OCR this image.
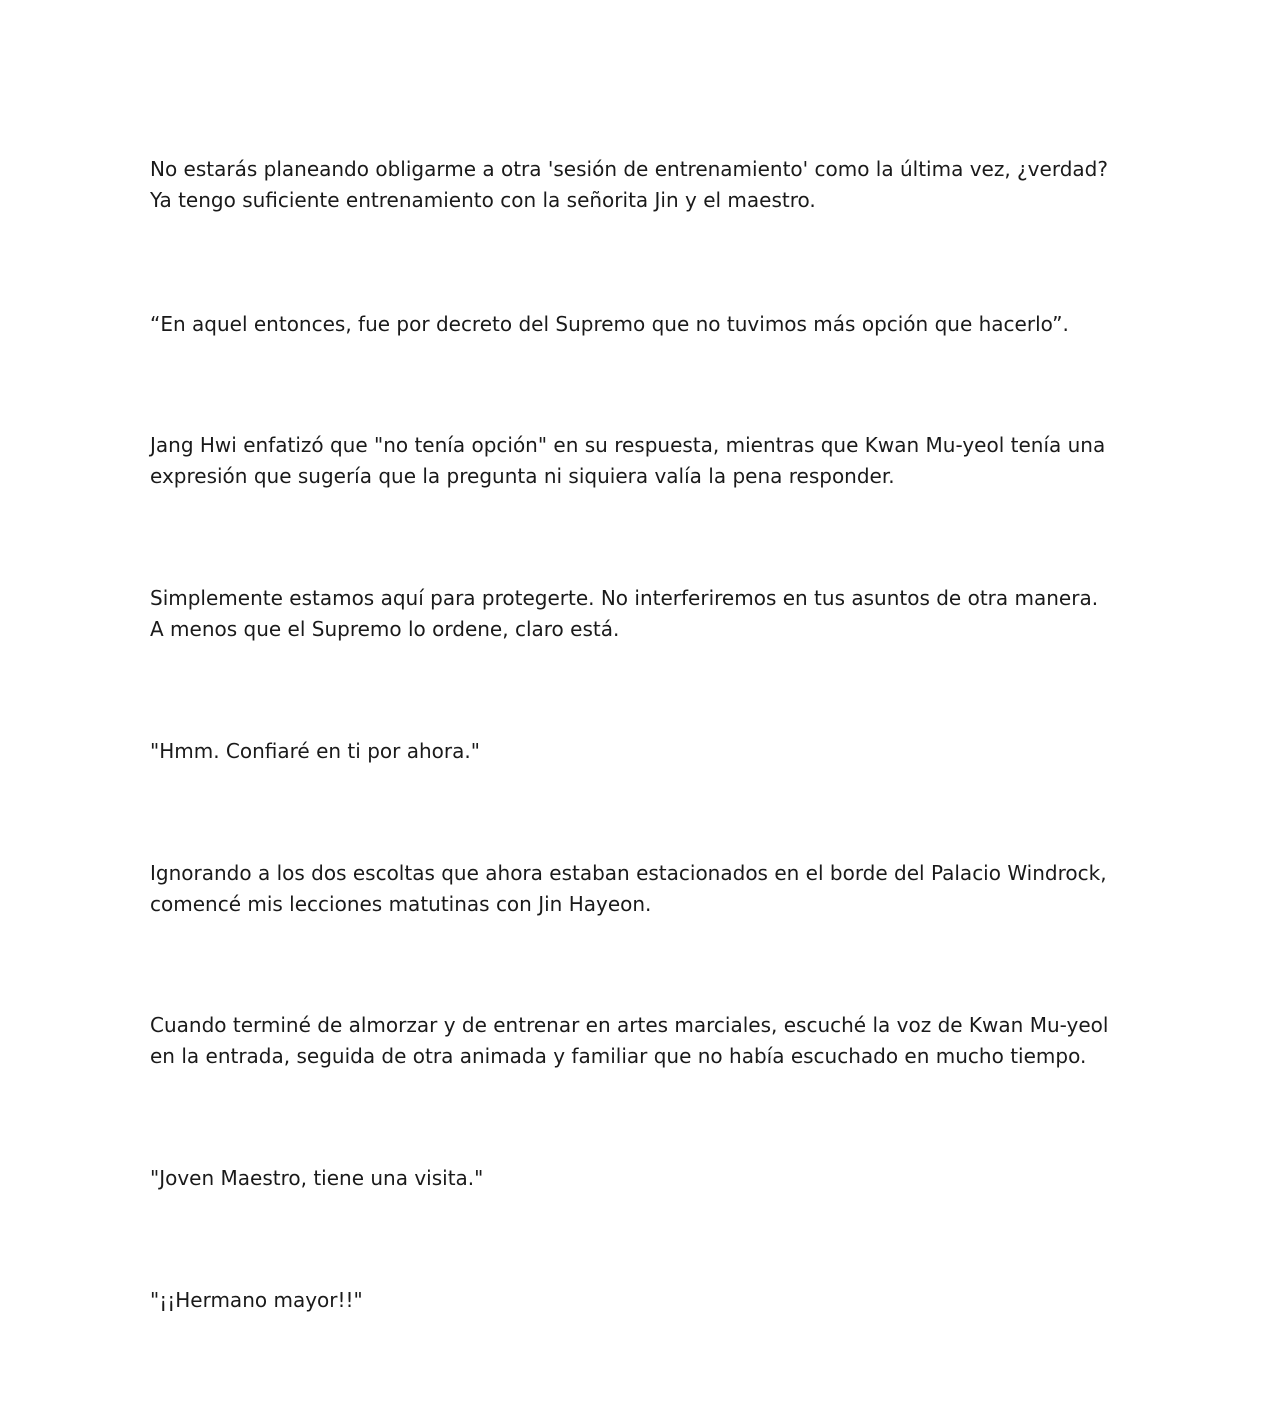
No estarás planeando obligarme a otra 'sesión de entrenamiento' como la última vez, ¿verdad?
Ya tengo suficiente entrenamiento con la señorita Jin y el maestro.

“En aquel entonces, fue por decreto del Supremo que no tuvimos más opción que hacerlo”.

Jang Hwi enfatizó que "no tenía opción" en su respuesta, mientras que Kwan Mu-yeol tenía una
expresión que sugería que la pregunta ni siquiera valía la pena responder.

Simplemente estamos aquí para protegerte. No interferiremos en tus asuntos de otra manera.
A menos que el Supremo lo ordene, claro está.

"Hmm. Confiaré en ti por ahora."

Ignorando a los dos escoltas que ahora estaban estacionados en el borde del Palacio Windrock,
comencé mis lecciones matutinas con Jin Hayeon.

Cuando terminé de almorzar y de entrenar en artes marciales, escuché la voz de Kwan Mu-yeol
en la entrada, seguida de otra animada y familiar que no había escuchado en mucho tiempo.

"Joven Maestro, tiene una visita."

"¡¡Hermano mayor!!"
